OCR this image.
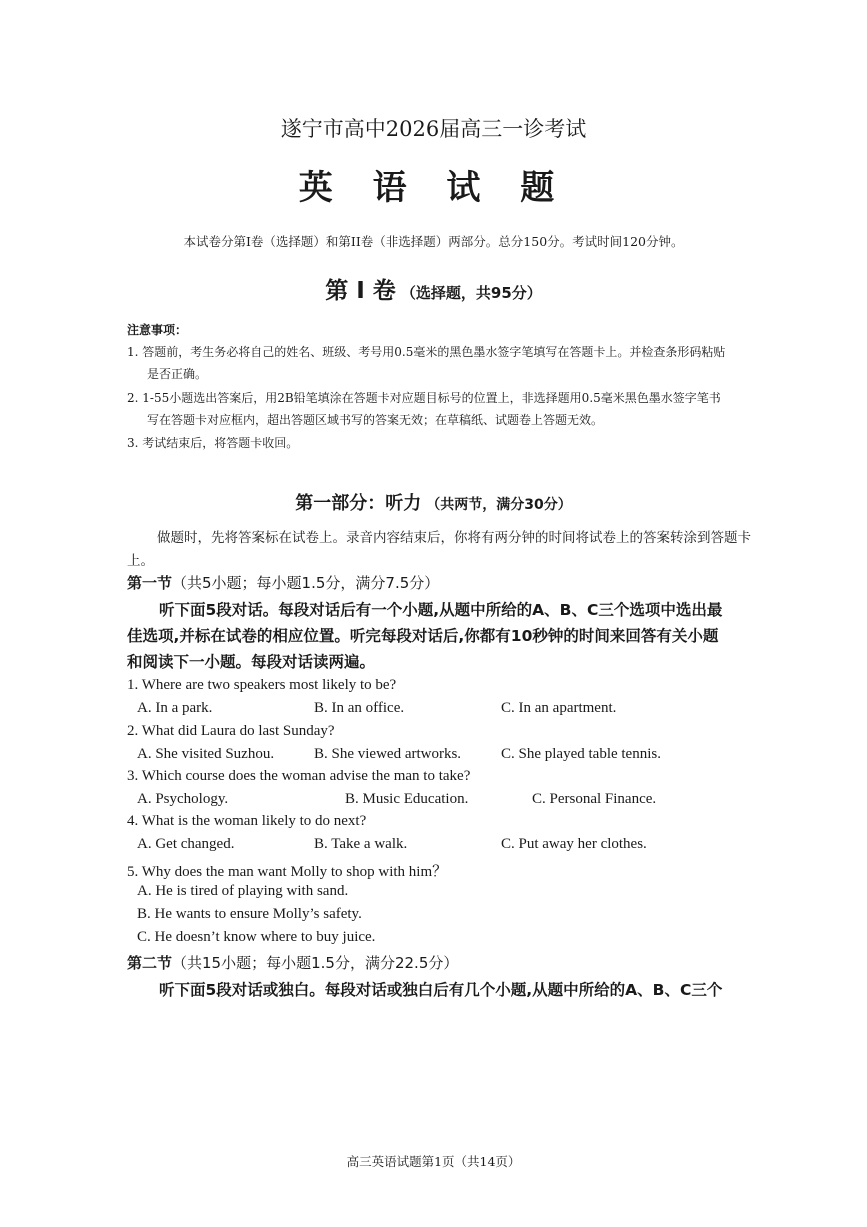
遂宁市高中2026届高三一诊考试
英 语 试 题
本试卷分第Ⅰ卷（选择题）和第II卷（非选择题）两部分。总分150分。考试时间120分钟。
第 Ⅰ 卷 （选择题，共95分）
注意事项：
1. 答题前，考生务必将自己的姓名、班级、考号用0.5毫米的黑色墨水签字笔填写在答题卡上。并检查条形码粘贴
是否正确。
2. 1-55小题选出答案后，用2B铅笔填涂在答题卡对应题目标号的位置上，非选择题用0.5毫米黑色墨水签字笔书
写在答题卡对应框内，超出答题区域书写的答案无效；在草稿纸、试题卷上答题无效。
3. 考试结束后，将答题卡收回。
第一部分：听力 （共两节，满分30分）
做题时，先将答案标在试卷上。录音内容结束后，你将有两分钟的时间将试卷上的答案转涂到答题卡
上。
第一节（共5小题；每小题1.5分，满分7.5分）
听下面5段对话。每段对话后有一个小题,从题中所给的A、B、C三个选项中选出最
佳选项,并标在试卷的相应位置。听完每段对话后,你都有10秒钟的时间来回答有关小题
和阅读下一小题。每段对话读两遍。
1. Where are two speakers most likely to be?
A. In a park.	B. In an office.	C. In an apartment.
2. What did Laura do last Sunday?
A. She visited Suzhou.	B. She viewed artworks.	C. She played table tennis.
3. Which course does the woman advise the man to take?
A. Psychology.	B. Music Education.	C. Personal Finance.
4. What is the woman likely to do next?
A. Get changed.	B. Take a walk.	C. Put away her clothes.
5. Why does the man want Molly to shop with him？
A. He is tired of playing with sand.
B. He wants to ensure Molly’s safety.
C. He doesn’t know where to buy juice.
第二节（共15小题；每小题1.5分，满分22.5分）
听下面5段对话或独白。每段对话或独白后有几个小题,从题中所给的A、B、C三个
高三英语试题第1页（共14页）
